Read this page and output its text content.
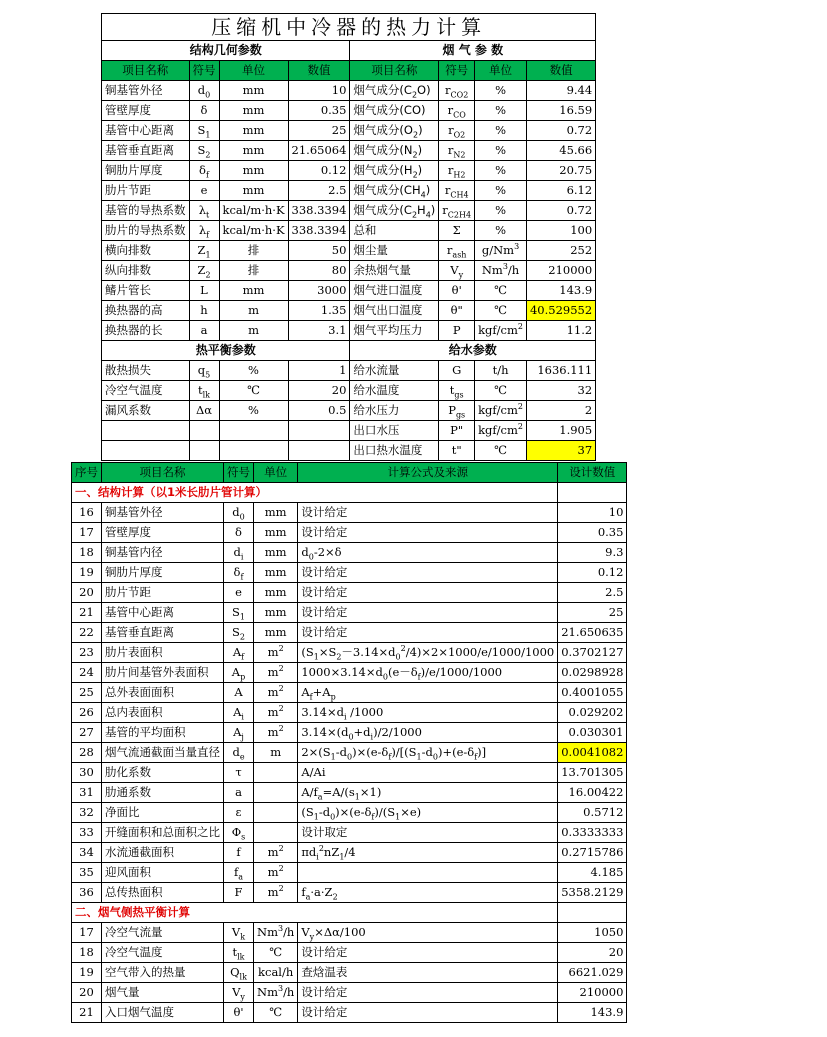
压缩机中冷器的热力计算							
结构几何参数				烟 气 参 数			
项目名称	符号	单位	数值	项目名称	符号	单位	数值
铜基管外径	$d_0$	mm	10	烟气成分$(C_2O)$	$r_{CO2}$	%	9.44
管壁厚度	δ	mm	0.35	烟气成分(CO)	$r_{CO}$	%	16.59
基管中心距离	$S_1$	mm	25	烟气成分$(O_2)$	$r_{O2}$	%	0.72
基管垂直距离	$S_2$	mm	21.65064	烟气成分$(N_2)$	$r_{N2}$	%	45.66
铜肋片厚度	$\delta_f$	mm	0.12	烟气成分$(H_2)$	$r_{H2}$	%	20.75
肋片节距	e	mm	2.5	烟气成分$(CH_4)$	$r_{CH4}$	%	6.12
基管的导热系数	$\lambda_t$	kcal/m·h·K	338.3394	烟气成分$(C_2H_4)$	$r_{C2H4}$	%	0.72
肋片的导热系数	$\lambda_f$	kcal/m·h·K	338.3394	总和	Σ	%	100
横向排数	$Z_1$	排	50	烟尘量	$r_{ash}$	g/Nm$^3$	252
纵向排数	$Z_2$	排	80	余热烟气量	$V_y$	Nm$^3$/h	210000
鳍片管长	L	mm	3000	烟气进口温度	θ'	℃	143.9
换热器的高	h	m	1.35	烟气出口温度	θ"	℃	40.529552
换热器的长	a	m	3.1	烟气平均压力	P	kgf/$cm^2$	11.2
热平衡参数				给水参数			
散热损失	$q_5$	%	1	给水流量	G	t/h	1636.111
冷空气温度	$t_{lk}$	℃	20	给水温度	$t_{gs}$	℃	32
漏风系数	Δα	%	0.5	给水压力	$P_{gs}$	kgf/$cm^2$	2
				出口水压	P"	kgf/$cm^2$	1.905
				出口热水温度	t"	℃	37
序号	项目名称	符号	单位	计算公式及来源	设计数值
一、结构计算（以1米长肋片管计算）					
16	铜基管外径	$d_0$	mm	设计给定	10
17	管壁厚度	δ	mm	设计给定	0.35
18	铜基管内径	$d_i$	mm	$d_0-2\times\delta$	9.3
19	铜肋片厚度	$\delta_f$	mm	设计给定	0.12
20	肋片节距	e	mm	设计给定	2.5
21	基管中心距离	$S_1$	mm	设计给定	25
22	基管垂直距离	$S_2$	mm	设计给定	21.650635
23	肋片表面积	$A_f$	$m^2$	$(S_1\times S_2-3.14\times d_0^2/4)\times 2\times 1000/e/1000/1000$	0.3702127
24	肋片间基管外表面积	$A_p$	$m^2$	$1000\times 3.14\times d_0(e-\delta_f)/e/1000/1000$	0.0298928
25	总外表面面积	A	$m^2$	$A_f+A_p$	0.4001055
26	总内表面积	$A_i$	$m^2$	$3.14\times d_i$ /1000	0.029202
27	基管的平均面积	$A_j$	$m^2$	$3.14\times(d_0+d_i)/2/1000$	0.030301
28	烟气流通截面当量直径	$d_e$	m	$2\times(S_1-d_0)\times(e-\delta_f)/[(S_1-d_0)+(e-\delta_f)]$	0.0041082
30	肋化系数	τ		A/Ai	13.701305
31	肋通系数	a		$A/f_a=A/(s_1\times 1)$	16.00422
32	净面比	ε		$(S_1-d_0)\times(e-\delta_f)/(S_1\times e)$	0.5712
33	开缝面积和总面积之比	$\Phi_s$		设计取定	0.3333333
34	水流通截面积	f	$m^2$	$\pi d_i^2nZ_1/4$	0.2715786
35	迎风面积	$f_a$	$m^2$		4.185
36	总传热面积	F	$m^2$	$f_a\cdot a\cdot Z_2$	5358.2129
二、烟气侧热平衡计算					
17	冷空气流量	$V_k$	Nm$^3$/h	$V_y\times\Delta\alpha/100$	1050
18	冷空气温度	$t_{lk}$	℃	设计给定	20
19	空气带入的热量	$Q_{lk}$	kcal/h	查焓温表	6621.029
20	烟气量	$V_y$	Nm$^3$/h	设计给定	210000
21	入口烟气温度	θ'	℃	设计给定	143.9
